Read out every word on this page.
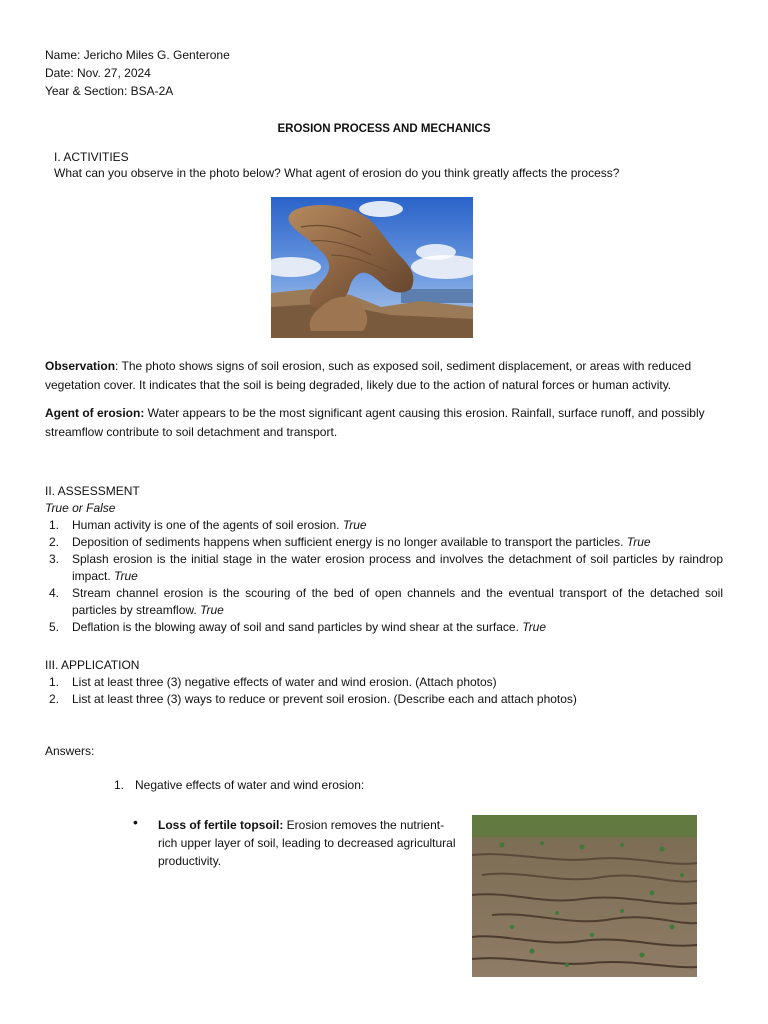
Name: Jericho Miles G. Genterone
Date: Nov. 27, 2024
Year & Section: BSA-2A
EROSION PROCESS AND MECHANICS
I. ACTIVITIES
What can you observe in the photo below? What agent of erosion do you think greatly affects the process?
Observation: The photo shows signs of soil erosion, such as exposed soil, sediment displacement, or areas with reduced vegetation cover. It indicates that the soil is being degraded, likely due to the action of natural forces or human activity.
Agent of erosion: Water appears to be the most significant agent causing this erosion. Rainfall, surface runoff, and possibly streamflow contribute to soil detachment and transport.
II. ASSESSMENT
True or False
1. Human activity is one of the agents of soil erosion. True
2. Deposition of sediments happens when sufficient energy is no longer available to transport the particles. True
3. Splash erosion is the initial stage in the water erosion process and involves the detachment of soil particles by raindrop impact. True
4. Stream channel erosion is the scouring of the bed of open channels and the eventual transport of the detached soil particles by streamflow. True
5. Deflation is the blowing away of soil and sand particles by wind shear at the surface. True
III. APPLICATION
1. List at least three (3) negative effects of water and wind erosion. (Attach photos)
2. List at least three (3) ways to reduce or prevent soil erosion. (Describe each and attach photos)
Answers:
1. Negative effects of water and wind erosion:
• Loss of fertile topsoil: Erosion removes the nutrient-rich upper layer of soil, leading to decreased agricultural productivity.
